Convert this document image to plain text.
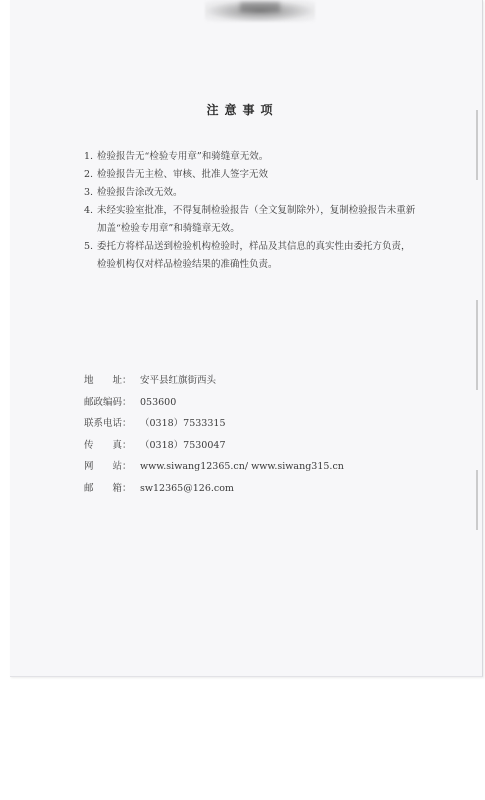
注意事项
1. 检验报告无“检验专用章”和骑缝章无效。
2. 检验报告无主检、审核、批准人签字无效
3. 检验报告涂改无效。
4. 未经实验室批准，不得复制检验报告（全文复制除外），复制检验报告未重新
加盖“检验专用章”和骑缝章无效。
5. 委托方将样品送到检验机构检验时，样品及其信息的真实性由委托方负责，
检验机构仅对样品检验结果的准确性负责。
地　　址： 安平县红旗街西头
邮政编码： 053600
联系电话： （0318）7533315
传　　真： （0318）7530047
网　　站： www.siwang12365.cn/ www.siwang315.cn
邮　　箱： sw12365@126.com
